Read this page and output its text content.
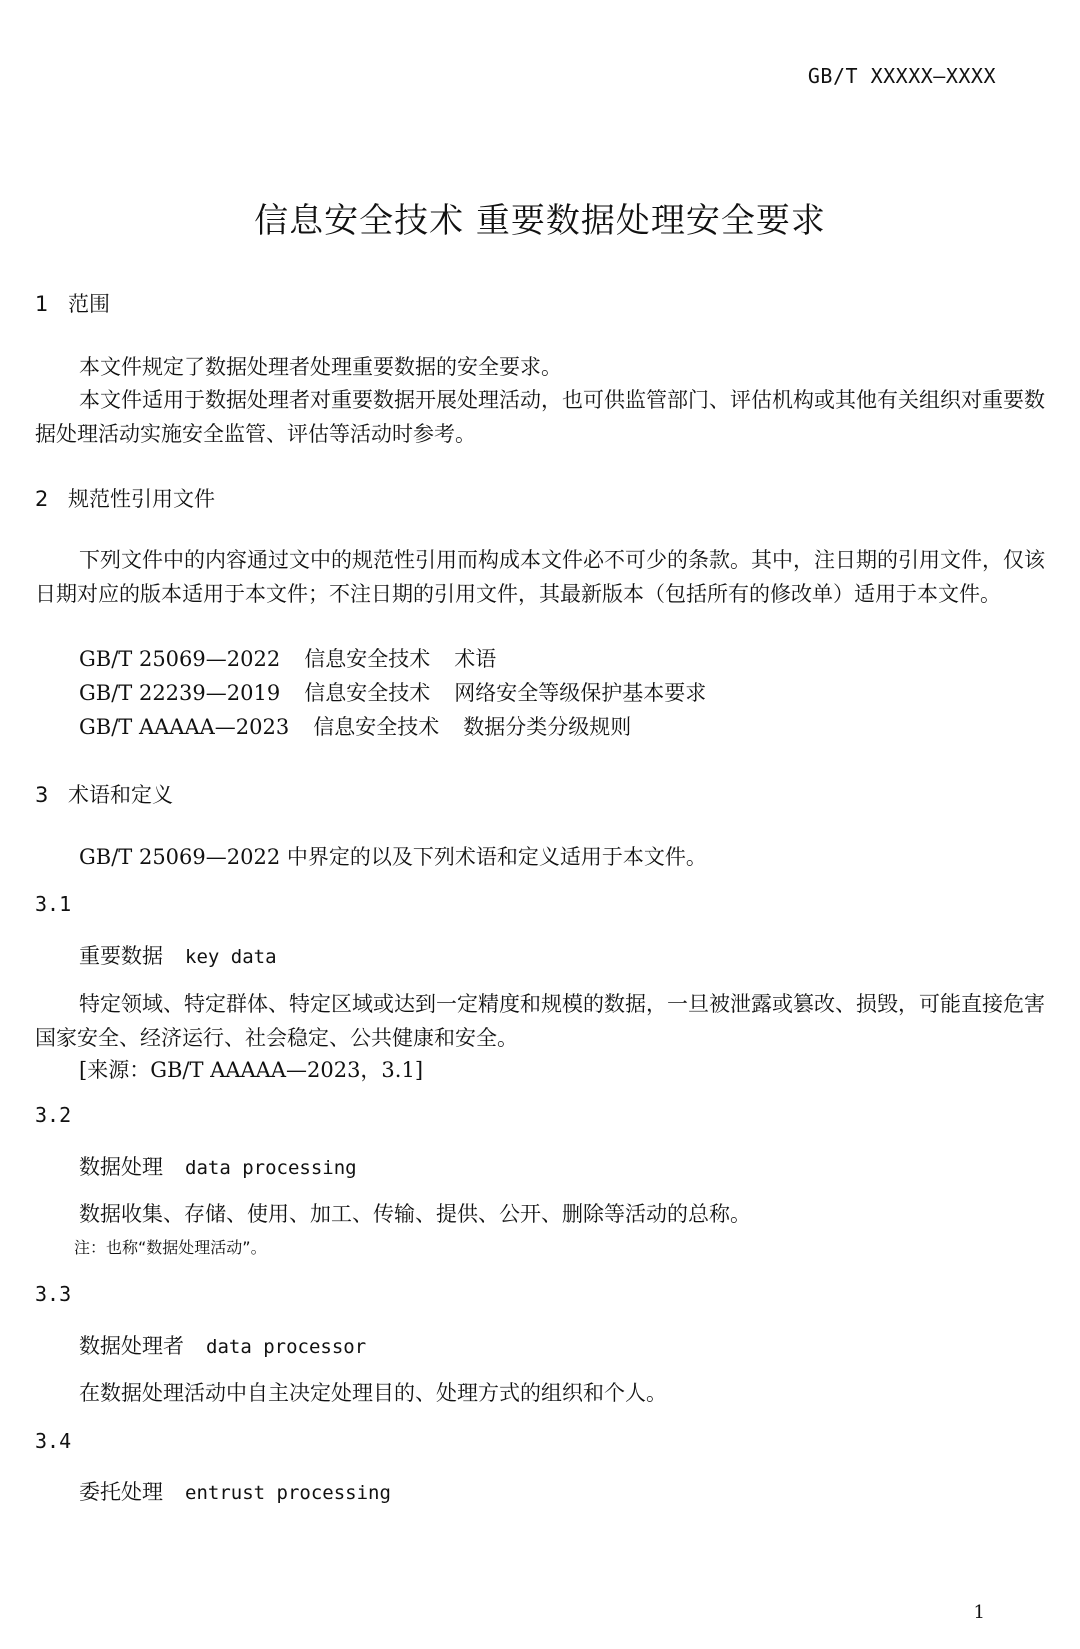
GB/T XXXXX—XXXX
信息安全技术 重要数据处理安全要求
1 范围
本文件规定了数据处理者处理重要数据的安全要求。
本文件适用于数据处理者对重要数据开展处理活动，也可供监管部门、评估机构或其他有关组织对重要数据处理活动实施安全监管、评估等活动时参考。
2 规范性引用文件
下列文件中的内容通过文中的规范性引用而构成本文件必不可少的条款。其中，注日期的引用文件，仅该日期对应的版本适用于本文件；不注日期的引用文件，其最新版本（包括所有的修改单）适用于本文件。
GB/T 25069—2022 信息安全技术 术语
GB/T 22239—2019 信息安全技术 网络安全等级保护基本要求
GB/T AAAAA—2023 信息安全技术 数据分类分级规则
3 术语和定义
GB/T 25069—2022 中界定的以及下列术语和定义适用于本文件。
3.1
重要数据 key data
特定领域、特定群体、特定区域或达到一定精度和规模的数据，一旦被泄露或篡改、损毁，可能直接危害国家安全、经济运行、社会稳定、公共健康和安全。
[来源：GB/T AAAAA—2023，3.1]
3.2
数据处理 data processing
数据收集、存储、使用、加工、传输、提供、公开、删除等活动的总称。
注：也称“数据处理活动”。
3.3
数据处理者 data processor
在数据处理活动中自主决定处理目的、处理方式的组织和个人。
3.4
委托处理 entrust processing
1
